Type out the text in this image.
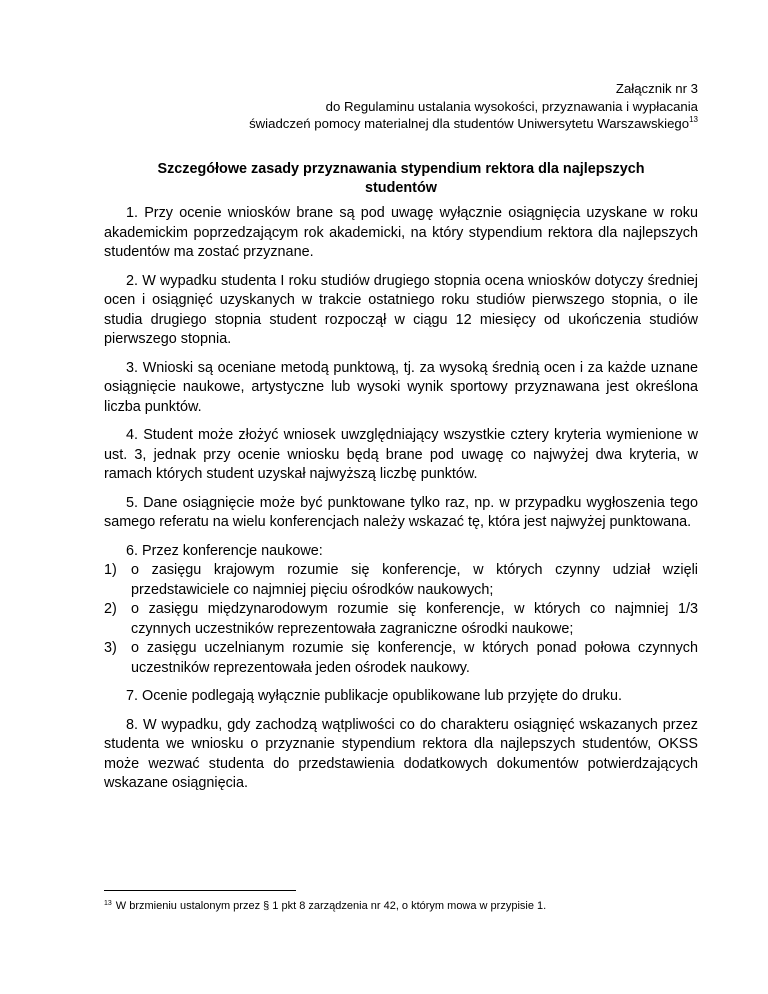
Załącznik nr 3
do Regulaminu ustalania wysokości, przyznawania i wypłacania
świadczeń pomocy materialnej dla studentów Uniwersytetu Warszawskiego$^{13}$
Szczegółowe zasady przyznawania stypendium rektora dla najlepszych
studentów

1. Przy ocenie wniosków brane są pod uwagę wyłącznie osiągnięcia uzyskane w roku akademickim poprzedzającym rok akademicki, na który stypendium rektora dla najlepszych studentów ma zostać przyznane.

2. W wypadku studenta I roku studiów drugiego stopnia ocena wniosków dotyczy średniej ocen i osiągnięć uzyskanych w trakcie ostatniego roku studiów pierwszego stopnia, o ile studia drugiego stopnia student rozpoczął w ciągu 12 miesięcy od ukończenia studiów pierwszego stopnia.

3. Wnioski są oceniane metodą punktową, tj. za wysoką średnią ocen i za każde uznane osiągnięcie naukowe, artystyczne lub wysoki wynik sportowy przyznawana jest określona liczba punktów.

4. Student może złożyć wniosek uwzględniający wszystkie cztery kryteria wymienione w ust. 3, jednak przy ocenie wniosku będą brane pod uwagę co najwyżej dwa kryteria, w ramach których student uzyskał najwyższą liczbę punktów.

5. Dane osiągnięcie może być punktowane tylko raz, np. w przypadku wygłoszenia tego samego referatu na wielu konferencjach należy wskazać tę, która jest najwyżej punktowana.

6. Przez konferencje naukowe:

1) o zasięgu krajowym rozumie się konferencje, w których czynny udział wzięli przedstawiciele co najmniej pięciu ośrodków naukowych;
2) o zasięgu międzynarodowym rozumie się konferencje, w których co najmniej 1/3 czynnych uczestników reprezentowała zagraniczne ośrodki naukowe;
3) o zasięgu uczelnianym rozumie się konferencje, w których ponad połowa czynnych uczestników reprezentowała jeden ośrodek naukowy.

7. Ocenie podlegają wyłącznie publikacje opublikowane lub przyjęte do druku.

8. W wypadku, gdy zachodzą wątpliwości co do charakteru osiągnięć wskazanych przez studenta we wniosku o przyznanie stypendium rektora dla najlepszych studentów, OKSS może wezwać studenta do przedstawienia dodatkowych dokumentów potwierdzających wskazane osiągnięcia.

$^{13}$ W brzmieniu ustalonym przez § 1 pkt 8 zarządzenia nr 42, o którym mowa w przypisie 1.
